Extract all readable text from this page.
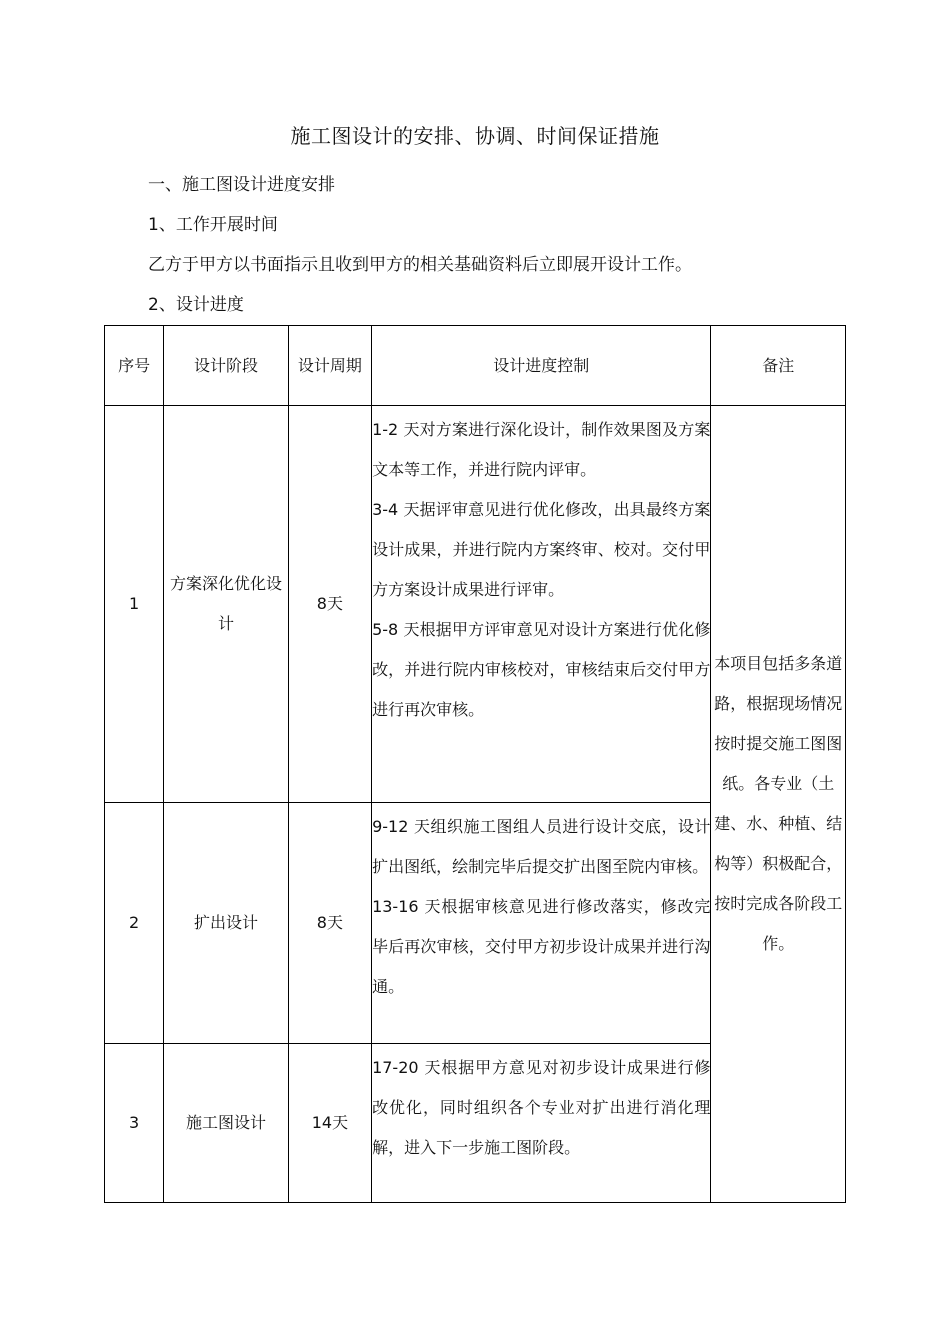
施工图设计的安排、协调、时间保证措施
一、施工图设计进度安排
1、工作开展时间
乙方于甲方以书面指示且收到甲方的相关基础资料后立即展开设计工作。
2、设计进度
序号	设计阶段	设计周期	设计进度控制	备注
1	方案深化优化设计	8天	1-2 天对方案进行深化设计，制作效果图及方案文本等工作，并进行院内评审。

3-4 天据评审意见进行优化修改，出具最终方案设计成果，并进行院内方案终审、校对。交付甲方方案设计成果进行评审。

5-8 天根据甲方评审意见对设计方案进行优化修改，并进行院内审核校对，审核结束后交付甲方进行再次审核。	本项目包括多条道路，根据现场情况按时提交施工图图纸。各专业（土建、水、种植、结构等）积极配合，按时完成各阶段工作。
2	扩出设计	8天	9-12 天组织施工图组人员进行设计交底，设计扩出图纸，绘制完毕后提交扩出图至院内审核。

13-16 天根据审核意见进行修改落实，修改完毕后再次审核，交付甲方初步设计成果并进行沟通。	

3	施工图设计	14天	17-20 天根据甲方意见对初步设计成果进行修改优化，同时组织各个专业对扩出进行消化理解，进入下一步施工图阶段。	
